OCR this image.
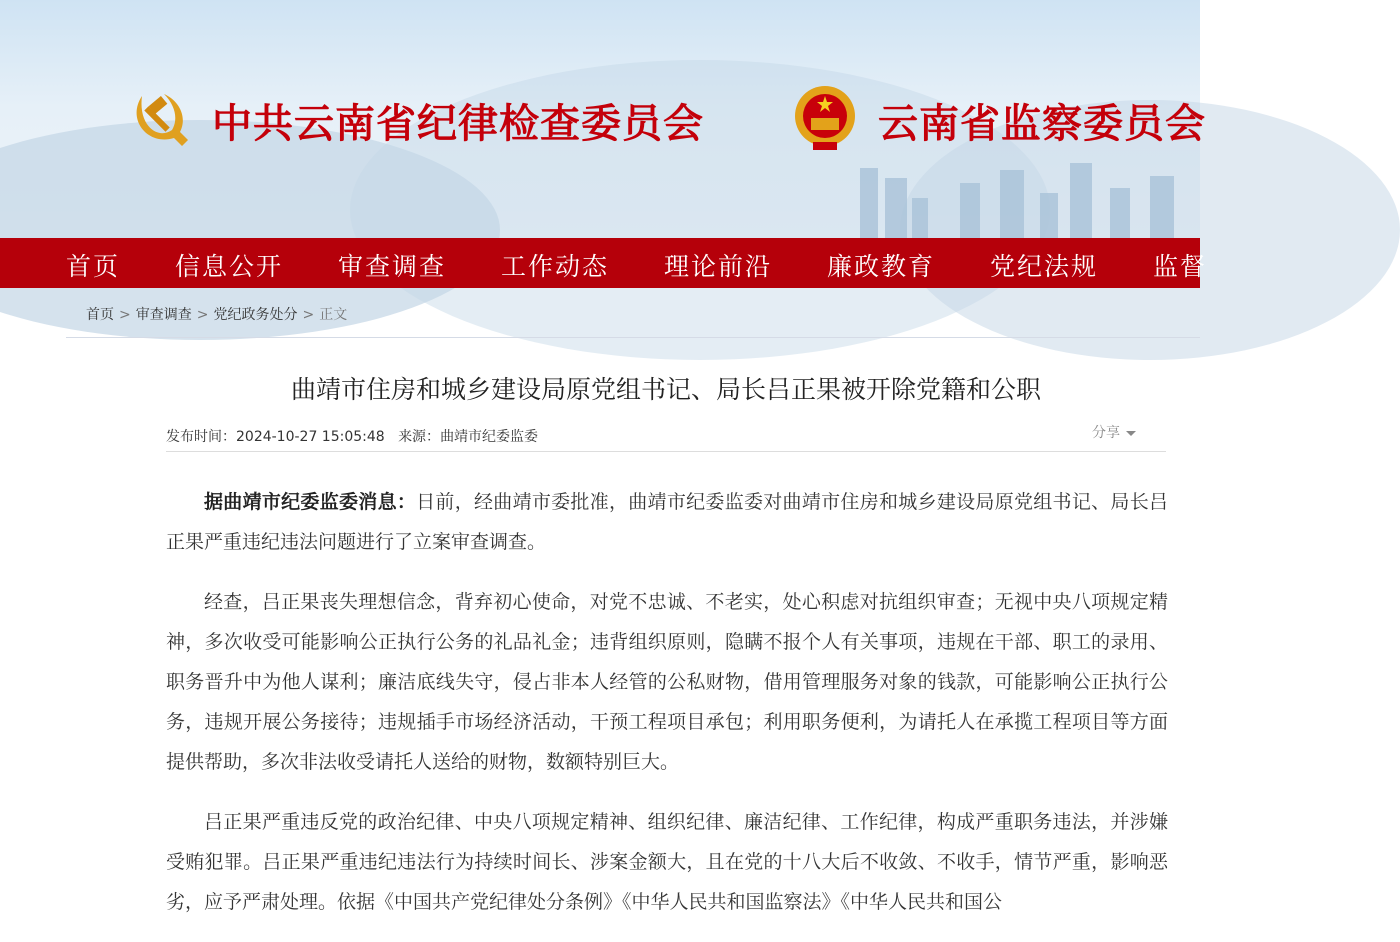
中共云南省纪律检查委员会	云南省监察委员会
首页 信息公开 审查调查 工作动态 理论前沿 廉政教育 党纪法规 监督
首页 > 审查调查 > 党纪政务处分 > 正文
曲靖市住房和城乡建设局原党组书记、局长吕正果被开除党籍和公职
发布时间：2024-10-27 15:05:48 来源：曲靖市纪委监委	分享

据曲靖市纪委监委消息：日前，经曲靖市委批准，曲靖市纪委监委对曲靖市住房和城乡建设局原党组书记、局长吕正果严重违纪违法问题进行了立案审查调查。

经查，吕正果丧失理想信念，背弃初心使命，对党不忠诚、不老实，处心积虑对抗组织审查；无视中央八项规定精神，多次收受可能影响公正执行公务的礼品礼金；违背组织原则，隐瞒不报个人有关事项，违规在干部、职工的录用、职务晋升中为他人谋利；廉洁底线失守，侵占非本人经管的公私财物，借用管理服务对象的钱款，可能影响公正执行公务，违规开展公务接待；违规插手市场经济活动，干预工程项目承包；利用职务便利，为请托人在承揽工程项目等方面提供帮助，多次非法收受请托人送给的财物，数额特别巨大。

吕正果严重违反党的政治纪律、中央八项规定精神、组织纪律、廉洁纪律、工作纪律，构成严重职务违法，并涉嫌受贿犯罪。吕正果严重违纪违法行为持续时间长、涉案金额大，且在党的十八大后不收敛、不收手，情节严重，影响恶劣，应予严肃处理。依据《中国共产党纪律处分条例》《中华人民共和国监察法》《中华人民共和国公
